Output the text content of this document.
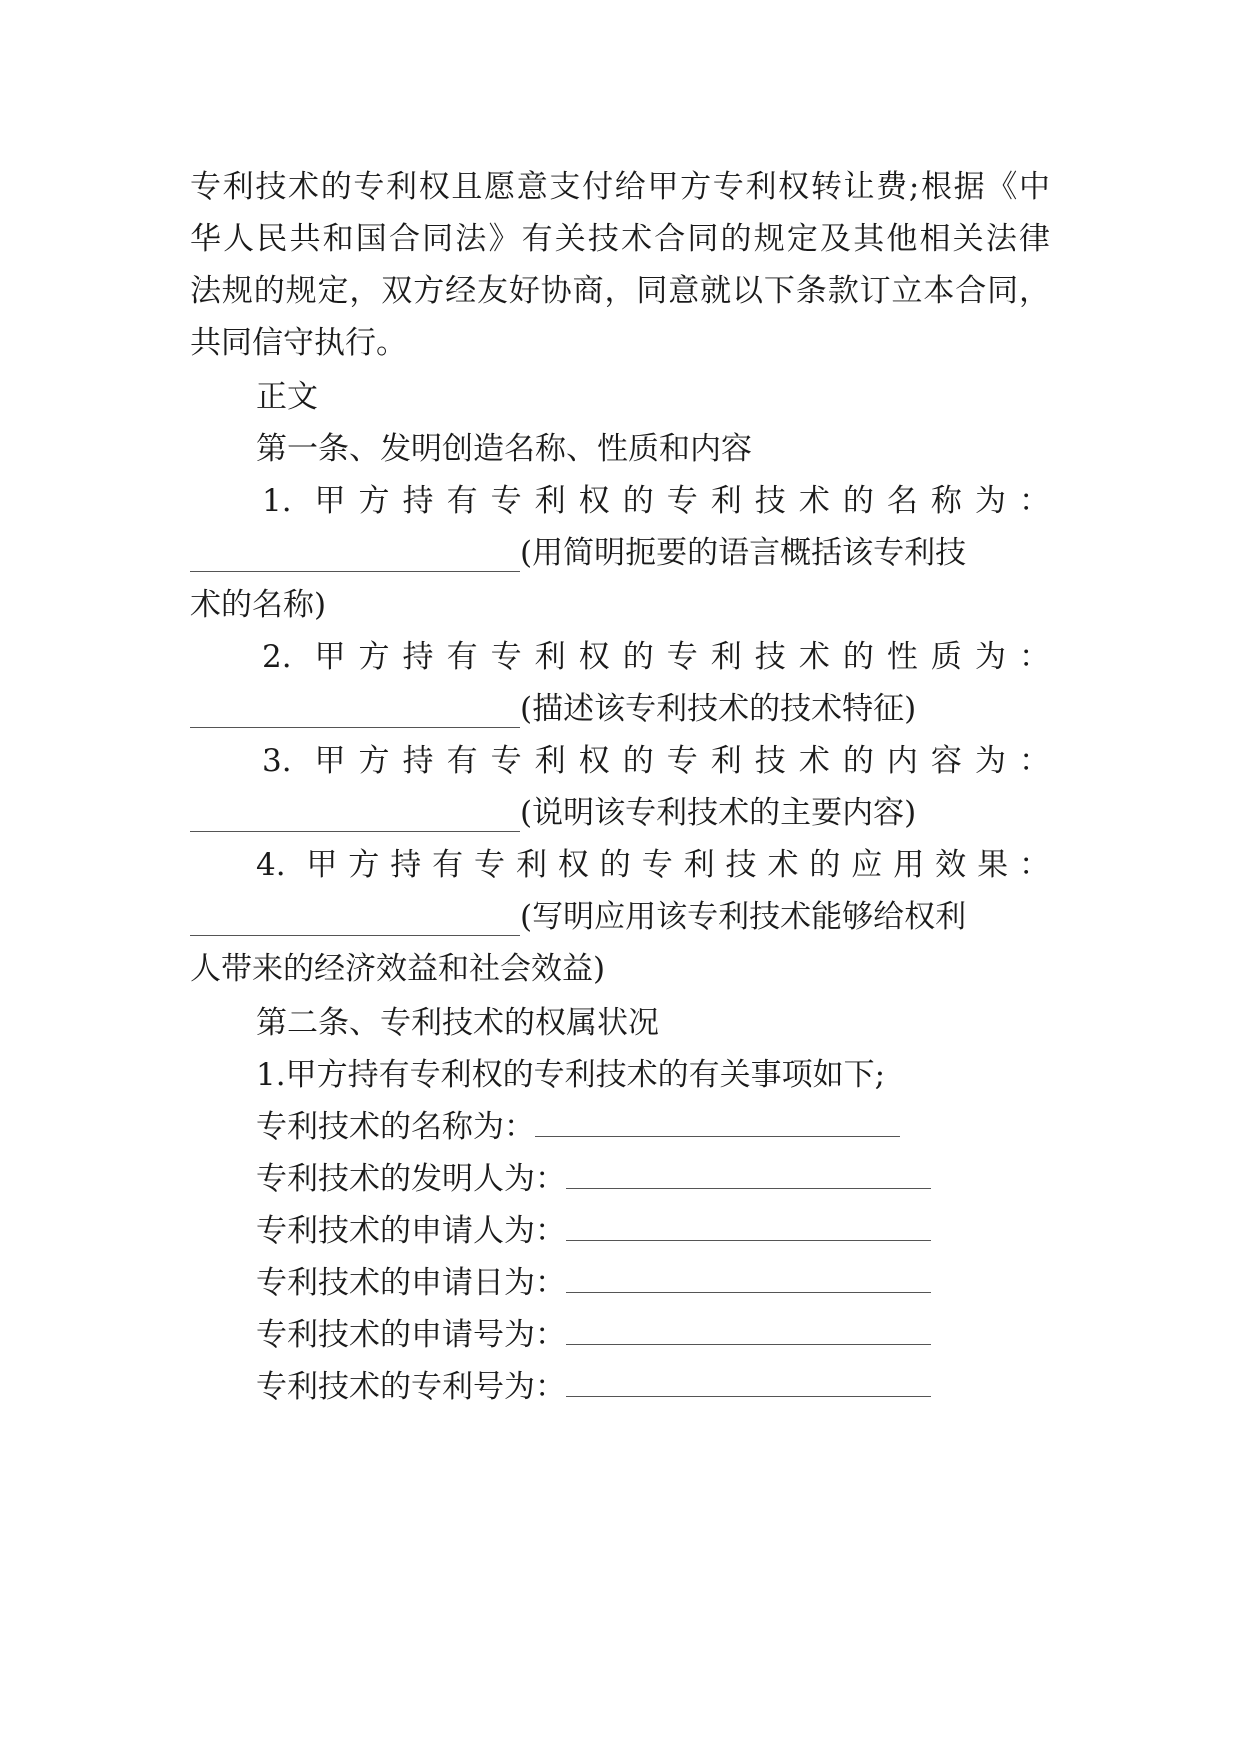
专利技术的专利权且愿意支付给甲方专利权转让费;根据《中
华人民共和国合同法》有关技术合同的规定及其他相关法律
法规的规定，双方经友好协商，同意就以下条款订立本合同，
共同信守执行。
正文
第一条、发明创造名称、性质和内容
1. 甲方持有专利权的专利技术的名称为：
(用简明扼要的语言概括该专利技
术的名称)
2. 甲方持有专利权的专利技术的性质为：
(描述该专利技术的技术特征)
3. 甲方持有专利权的专利技术的内容为：
(说明该专利技术的主要内容)
4. 甲方持有专利权的专利技术的应用效果：
(写明应用该专利技术能够给权利
人带来的经济效益和社会效益)
第二条、专利技术的权属状况
1.甲方持有专利权的专利技术的有关事项如下;
专利技术的名称为：
专利技术的发明人为：
专利技术的申请人为：
专利技术的申请日为：
专利技术的申请号为：
专利技术的专利号为：
